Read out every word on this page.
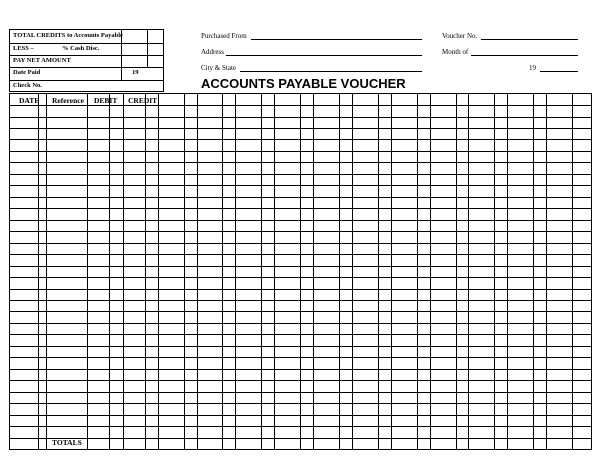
TOTAL CREDITS to Accounts Payable
LESS –	% Cash Disc.
PAY NET AMOUNT
Date Paid	19
Check No.
Purchased From
Address
City & State
ACCOUNTS PAYABLE VOUCHER
Voucher No.
Month of
19
DATE Reference DEBIT CREDIT
TOTALS
